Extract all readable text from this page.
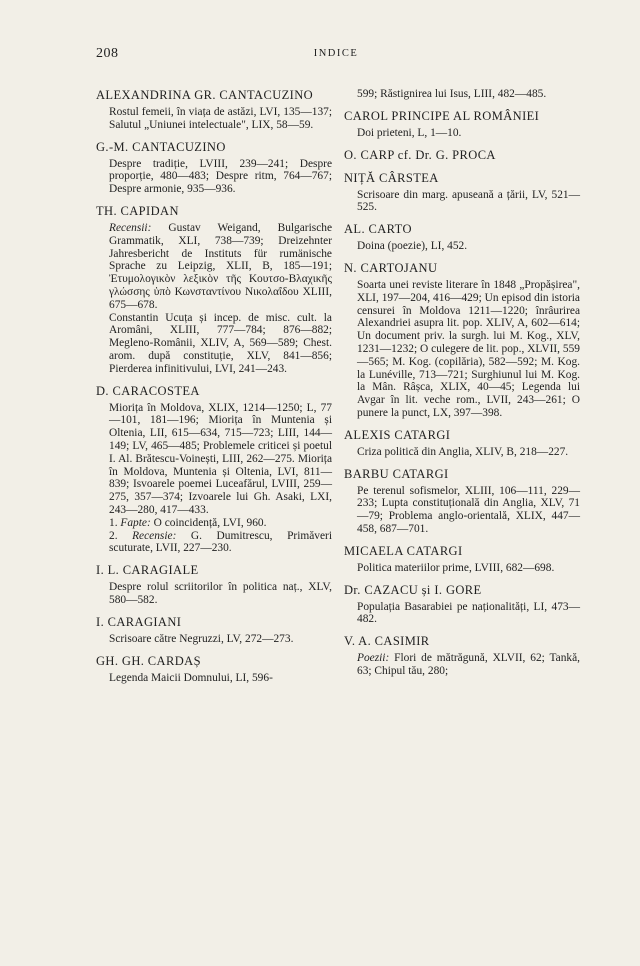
208	INDICE
ALEXANDRINA GR. CANTACUZINO

Rostul femeii, în viața de astăzi, LVI, 135—137; Salutul „Uniunei intelectuale", LIX, 58—59.

G.-M. CANTACUZINO

Despre tradiție, LVIII, 239—241; Despre proporție, 480—483; Despre ritm, 764—767; Despre armonie, 935—936.

TH. CAPIDAN

Recensii: Gustav Weigand, Bulgarische Grammatik, XLI, 738—739; Dreizehnter Jahresbericht de Instituts für rumänische Sprache zu Leipzig, XLII, B, 185—191; Ἐτυμολογικὸν λεξικὸν τῆς Κουτσο-Βλαχικῆς γλώσσης ὑπὸ Κωνσταντίνου Νικολαΐδου XLIII, 675—678.

Constantin Ucuța și incep. de misc. cult. la Aromâni, XLIII, 777—784; 876—882; Megleno-Românii, XLIV, A, 569—589; Chest. arom. după constituție, XLV, 841—856; Pierderea infinitivului, LVI, 241—243.

D. CARACOSTEA

Miorița în Moldova, XLIX, 1214—1250; L, 77—101, 181—196; Miorița în Muntenia și Oltenia, LII, 615—634, 715—723; LIII, 144—149; LV, 465—485; Problemele criticei și poetul I. Al. Brătescu-Voinești, LIII, 262—275. Miorița în Moldova, Muntenia și Oltenia, LVI, 811—839; Isvoarele poemei Luceafărul, LVIII, 259—275, 357—374; Izvoarele lui Gh. Asaki, LXI, 243—280, 417—433.

1. Fapte: O coincidență, LVI, 960.
2. Recensie: G. Dumitrescu, Primăveri scuturate, LVII, 227—230.
I. L. CARAGIALE

Despre rolul scriitorilor în politica naț., XLV, 580—582.

I. CARAGIANI

Scrisoare către Negruzzi, LV, 272—273.

GH. GH. CARDAȘ

Legenda Maicii Domnului, LI, 596-

599; Răstignirea lui Isus, LIII, 482—485.

CAROL PRINCIPE AL ROMÂNIEI

Doi prieteni, L, 1—10.

O. CARP cf. Dr. G. PROCA
NIȚĂ CÂRSTEA

Scrisoare din marg. apuseană a țării, LV, 521—525.

AL. CARTO

Doina (poezie), LI, 452.

N. CARTOJANU

Soarta unei reviste literare în 1848 „Propășirea", XLI, 197—204, 416—429; Un episod din istoria censurei în Moldova 1211—1220; înrâurirea Alexandriei asupra lit. pop. XLIV, A, 602—614; Un document priv. la surgh. lui M. Kog., XLV, 1231—1232; O culegere de lit. pop., XLVII, 559—565; M. Kog. (copilăria), 582—592; M. Kog. la Lunéville, 713—721; Surghiunul lui M. Kog. la Mân. Râșca, XLIX, 40—45; Legenda lui Avgar în lit. veche rom., LVII, 243—261; O punere la punct, LX, 397—398.

ALEXIS CATARGI

Criza politică din Anglia, XLIV, B, 218—227.

BARBU CATARGI

Pe terenul sofismelor, XLIII, 106—111, 229—233; Lupta constituțională din Anglia, XLV, 71—79; Problema anglo-orientală, XLIX, 447—458, 687—701.

MICAELA CATARGI

Politica materiilor prime, LVIII, 682—698.

Dr. CAZACU și I. GORE

Populația Basarabiei pe naționalități, LI, 473—482.

V. A. CASIMIR

Poezii: Flori de mătrăgună, XLVII, 62; Tankă, 63; Chipul tău, 280;
